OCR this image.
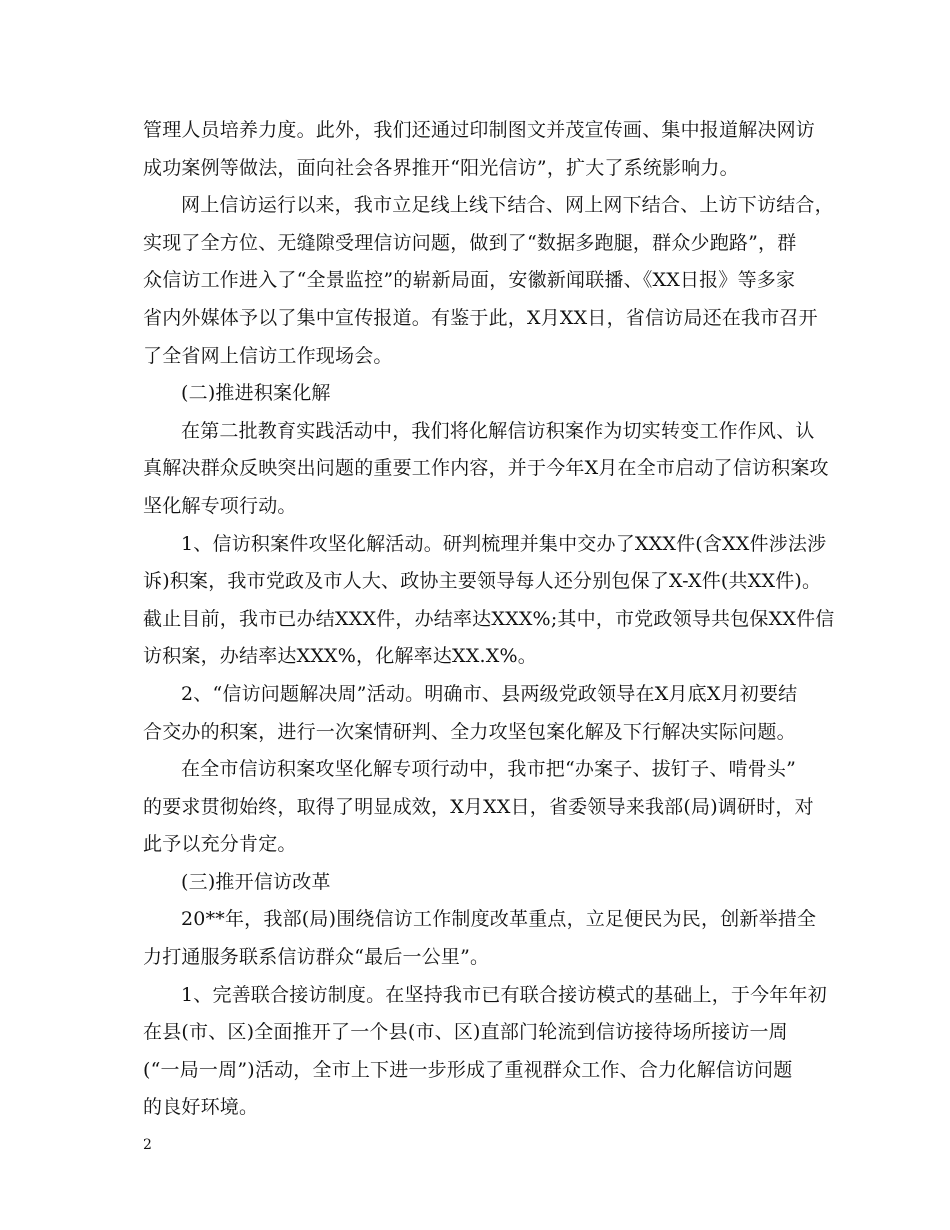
管理人员培养力度。此外，我们还通过印制图文并茂宣传画、集中报道解决网访
成功案例等做法，面向社会各界推开“阳光信访”，扩大了系统影响力。
网上信访运行以来，我市立足线上线下结合、网上网下结合、上访下访结合，
实现了全方位、无缝隙受理信访问题，做到了“数据多跑腿，群众少跑路”，群
众信访工作进入了“全景监控”的崭新局面，安徽新闻联播、《XX日报》等多家
省内外媒体予以了集中宣传报道。有鉴于此，X月XX日，省信访局还在我市召开
了全省网上信访工作现场会。
(二)推进积案化解
在第二批教育实践活动中，我们将化解信访积案作为切实转变工作作风、认
真解决群众反映突出问题的重要工作内容，并于今年X月在全市启动了信访积案攻
坚化解专项行动。
1、信访积案件攻坚化解活动。研判梳理并集中交办了XXX件(含XX件涉法涉
诉)积案，我市党政及市人大、政协主要领导每人还分别包保了X-X件(共XX件)。
截止目前，我市已办结XXX件，办结率达XXX%;其中，市党政领导共包保XX件信
访积案，办结率达XXX%，化解率达XX.X%。
2、“信访问题解决周”活动。明确市、县两级党政领导在X月底X月初要结
合交办的积案，进行一次案情研判、全力攻坚包案化解及下行解决实际问题。
在全市信访积案攻坚化解专项行动中，我市把“办案子、拔钉子、啃骨头”
的要求贯彻始终，取得了明显成效，X月XX日，省委领导来我部(局)调研时，对
此予以充分肯定。
(三)推开信访改革
20**年，我部(局)围绕信访工作制度改革重点，立足便民为民，创新举措全
力打通服务联系信访群众“最后一公里”。
1、完善联合接访制度。在坚持我市已有联合接访模式的基础上，于今年年初
在县(市、区)全面推开了一个县(市、区)直部门轮流到信访接待场所接访一周
(“一局一周”)活动，全市上下进一步形成了重视群众工作、合力化解信访问题
的良好环境。
2
